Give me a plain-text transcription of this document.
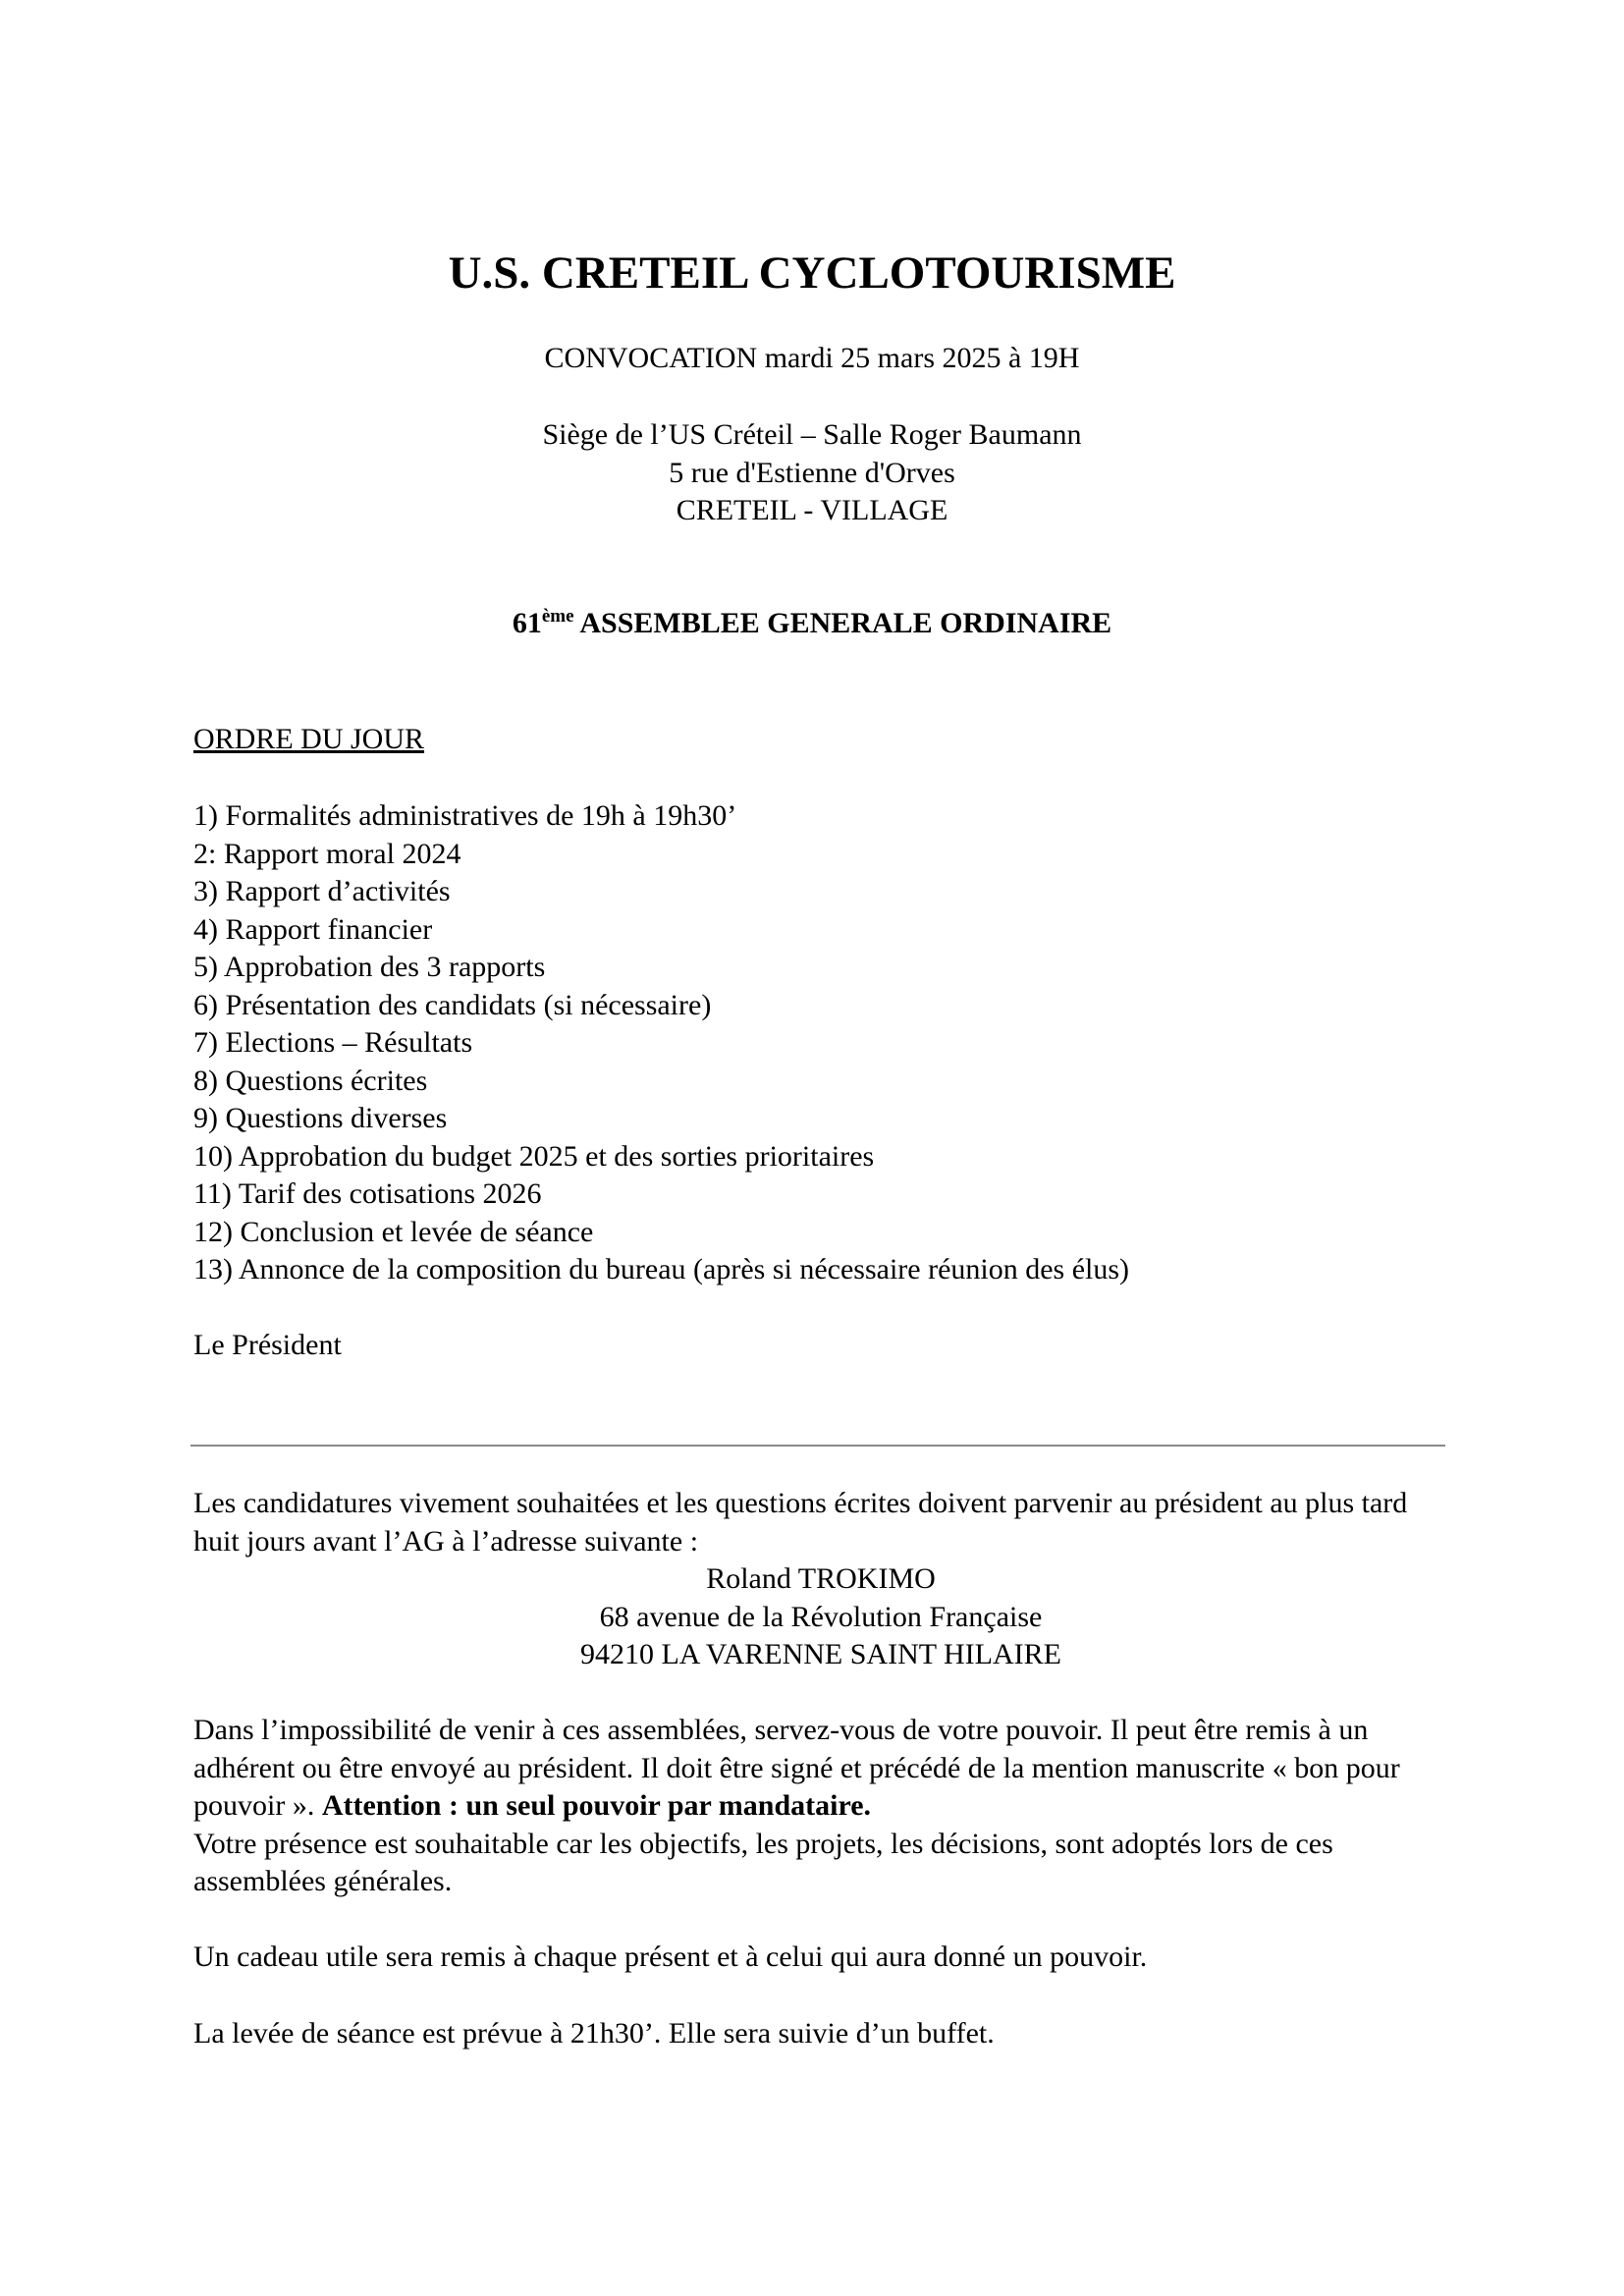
U.S. CRETEIL CYCLOTOURISME

CONVOCATION mardi 25 mars 2025 à 19H

Siège de l’US Créteil – Salle Roger Baumann
5 rue d'Estienne d'Orves
CRETEIL - VILLAGE

61ème ASSEMBLEE GENERALE ORDINAIRE

ORDRE DU JOUR

1) Formalités administratives de 19h à 19h30’
2: Rapport moral 2024
3) Rapport d’activités
4) Rapport financier
5) Approbation des 3 rapports
6) Présentation des candidats (si nécessaire)
7) Elections – Résultats
8) Questions écrites
9) Questions diverses
10) Approbation du budget 2025 et des sorties prioritaires
11) Tarif des cotisations 2026
12) Conclusion et levée de séance
13) Annonce de la composition du bureau (après si nécessaire réunion des élus)

Le Président

Les candidatures vivement souhaitées et les questions écrites doivent parvenir au président au plus tard huit jours avant l’AG à l’adresse suivante :

Roland TROKIMO
68 avenue de la Révolution Française
94210 LA VARENNE SAINT HILAIRE

Dans l’impossibilité de venir à ces assemblées, servez-vous de votre pouvoir. Il peut être remis à un adhérent ou être envoyé au président. Il doit être signé et précédé de la mention manuscrite « bon pour pouvoir ». Attention : un seul pouvoir par mandataire.
Votre présence est souhaitable car les objectifs, les projets, les décisions, sont adoptés lors de ces assemblées générales.

Un cadeau utile sera remis à chaque présent et à celui qui aura donné un pouvoir.

La levée de séance est prévue à 21h30’. Elle sera suivie d’un buffet.
